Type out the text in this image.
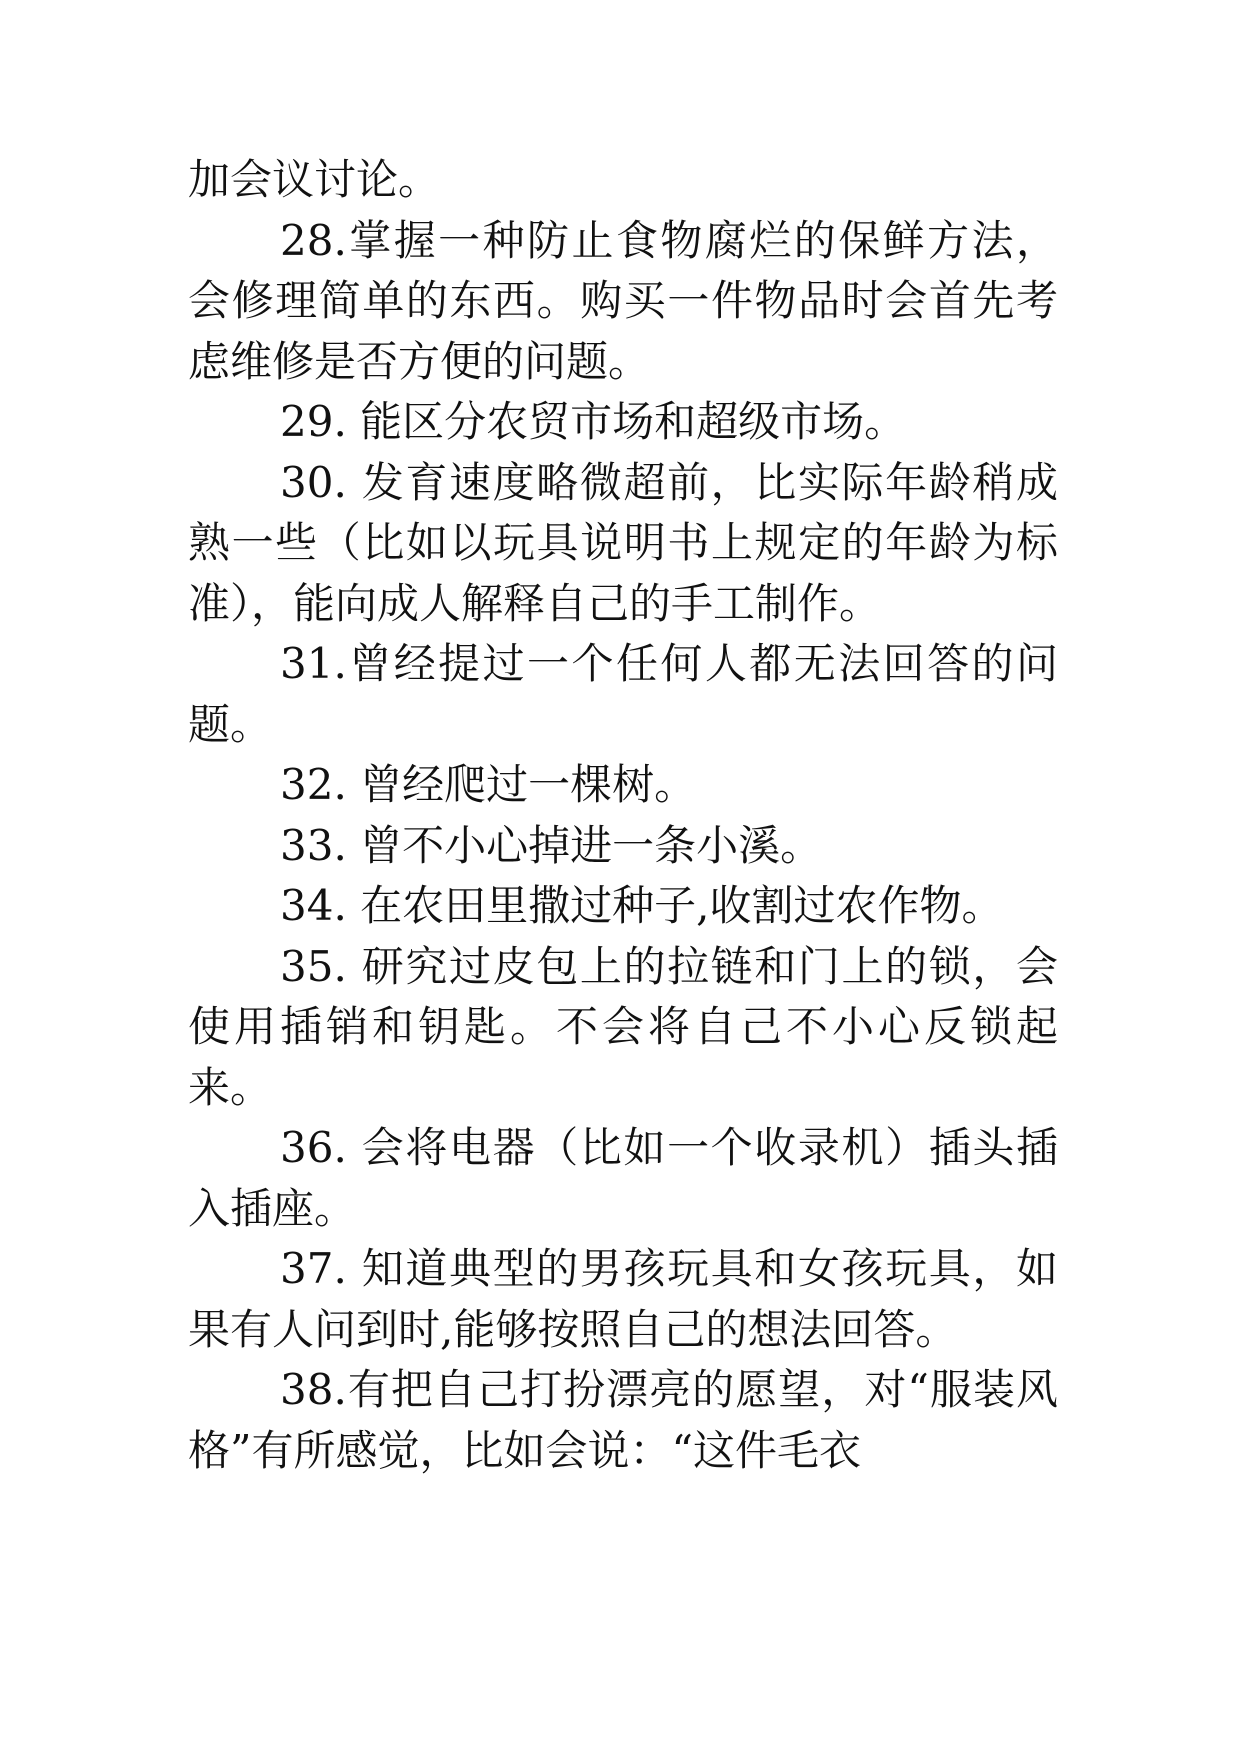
加会议讨论。

28.掌握一种防止食物腐烂的保鲜方法，会修理简单的东西。购买一件物品时会首先考虑维修是否方便的问题。

29. 能区分农贸市场和超级市场。

30. 发育速度略微超前，比实际年龄稍成熟一些（比如以玩具说明书上规定的年龄为标准），能向成人解释自己的手工制作。

31.曾经提过一个任何人都无法回答的问题。

32. 曾经爬过一棵树。

33. 曾不小心掉进一条小溪。

34. 在农田里撒过种子,收割过农作物。

35. 研究过皮包上的拉链和门上的锁，会使用插销和钥匙。不会将自己不小心反锁起来。

36. 会将电器（比如一个收录机）插头插入插座。

37. 知道典型的男孩玩具和女孩玩具，如果有人问到时,能够按照自己的想法回答。

38.有把自己打扮漂亮的愿望，对“服装风格”有所感觉，比如会说：“这件毛衣
